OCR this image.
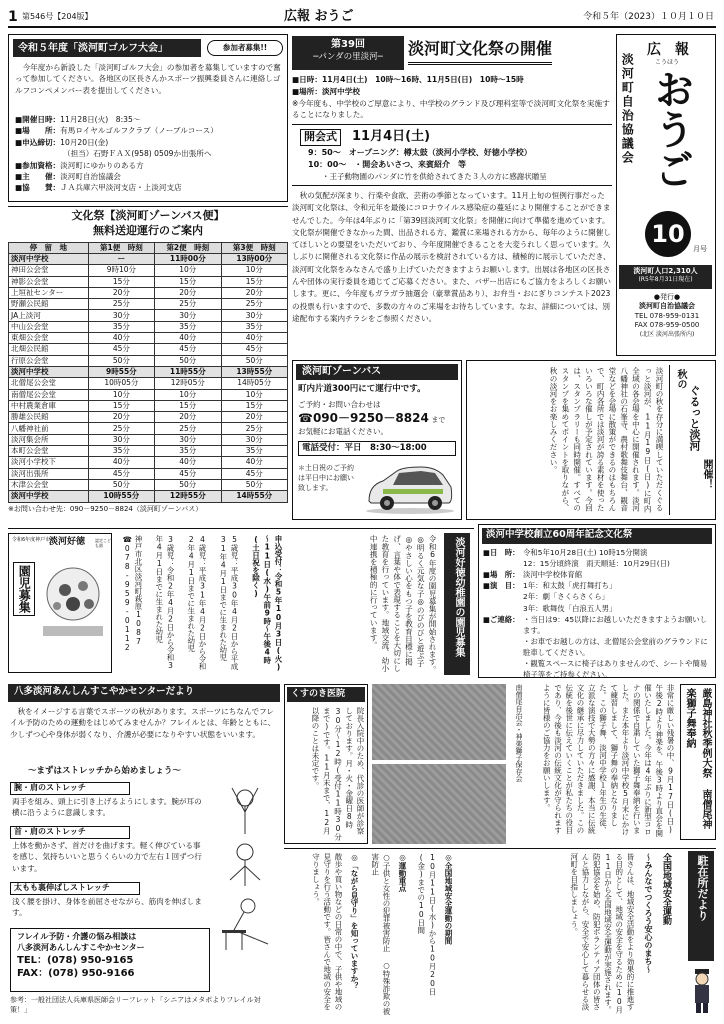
1 第546号【204版】	広報 おうご	令和５年（2023）１０月１０日
令和５年度「淡河町ゴルフ大会」	参加者募集!!
今年度から新設した「淡河町ゴルフ大会」の参加者を募集していますので奮って参加してください。各地区の区長さんかスポーツ振興委員さんに連絡しゴルフコンペメンバー表を提出してください。
■開催日時：11月28日(火)　8:35～
■場　　所：有馬ロイヤルゴルフクラブ（ノーブルコース）
■申込締切：10月20日(金)
（担当）石野ＦＡＸ(958) 0509か出張所へ
■参加資格：淡河町にゆかりのある方
■主　　催：淡河町自治協議会
■協　　賛：ＪＡ兵庫六甲淡河支店・上淡河支店
文化祭【淡河町ゾーンバス便】
無料送迎運行のご案内
停　留　地	第1便　時刻	第2便　時刻	第3便　時刻
淡河中学校	ー	11時00分	13時00分
神田公会堂	9時10分	10分	10分
神影公会堂	15分	15分	15分
上垣祉センター	20分	20分	20分
野瀬公民館	25分	25分	25分
JA上淡河	30分	30分	30分
中山公会堂	35分	35分	35分
東畑公会堂	40分	40分	40分
北畑公民館	45分	45分	45分
行原公会堂	50分	50分	50分
淡河中学校	9時55分	11時55分	13時55分
北僧尾公会堂	10時05分	12時05分	14時05分
南僧尾公会堂	10分	10分	10分
中村農業倉庫	15分	15分	15分
勝雄公民館	20分	20分	20分
八幡神社前	25分	25分	25分
淡河集会所	30分	30分	30分
本町公会堂	35分	35分	35分
淡河小学校下	40分	40分	40分
淡河出張所	45分	45分	45分
木津公会堂	50分	50分	50分
淡河中学校	10時55分	12時55分	14時55分
※お問い合わせ先：090－9250－8824（淡河町ゾーンバス）
第39回
─パンダの里淡河─	淡河町文化祭の開催
■日時：11月4日(土)　10時～16時、11月5日(日)　10時～15時
■場所：淡河中学校
※今年度も、中学校のご厚意により、中学校のグランド及び理科室等で淡河町文化祭を実施することになりました。
開会式	11月4日(土)
9：50～　オープニング：樽太鼓（淡河小学校、好徳小学校）
10：00～　・開会あいさつ、来賓紹介　等
・王子動物園のパンダに竹を供給されてきた３人の方に感謝状贈呈
秋の気配が深まり、行楽や食欲、芸術の季節となっています。11月上旬の恒例行事だった淡河町文化祭は、令和元年を最後にコロナウイルス感染症の蔓延により開催することができませんでした。今年は4年ぶりに「第39回淡河町文化祭」を開催に向けて準備を進めています。文化祭が開催できなかった間、出品される方、鑑賞に来場される方から、毎年のように開催してほしいとの要望をいただいており、今年度開催できることを大変うれしく思っています。久しぶりに開催される文化祭に作品の展示を検討されている方は、積極的に展示していただき、淡河町文化祭をみなさんで盛り上げていただきますようお願いします。出展は各地区の区長さんや団体の実行委員を通じてご応募ください。また、バザー出店にもご協力をよろしくお願いします。更に、今年度もガラガラ抽選会（豪華賞品あり）、お弁当・おにぎりコンテスト2023の投票も行いますので、多数の方々のご来場をお待ちしています。なお、詳細については、別途配布する案内チラシをご参照ください。
淡河町自治協議会
広　報
こうほう
おうご
10
月号
淡河町人口2,310人
(R5年8月31日現在)
●発行●
淡河町自治協議会
TEL 078-959-0131
FAX 078-959-0500
(北区 淡河出張所内)
淡河町ゾーンバス
町内片道300円にて運行中です。
ご予約・お問い合わせは
☎090－9250－8824 まで
お気軽にお電話ください。
電話受付：平日　8:30～18:00
＊土日祝のご予約は平日中にお願い致します。
秋の
ぐるっと淡河
開催！
淡河町の秋を存分に満喫していただくぐるっと淡河が、11月19日(日)に町内全域の各会場を中心に開催されます。淡河八幡神社の石峯寺、農村歌舞伎舞台、観音堂などを会場に散策ができるのはもちろんで、町内各所では淡河が誇る素材を使ったいろいろな催しが予定されています。今回は、スタンプラリーも同時開催。すべてのスタンプを集めてポイントを取りながら、秋の淡河をお楽しみください。
令和6年度神戸市立
淡河好徳 認定こども園
園児募集	神戸市北区淡河町萩原1087 ☎078-959-0112	3歳児：令和2年4月2日から令和3年4月1日までに生まれた幼児	4歳児：平成31年4月2日から令和2年4月1日までに生まれた幼児	5歳児：平成30年4月2日から平成31年4月1日までに生まれた幼児	申込受付：令和5年10月3日(火)～11日(水)午前9時～午後4時(土日祝を除く)	令和6年度の園児募集が開始されます。◎明るく元気な子◎のびのびと遊ぶ子◎やさしい心をもつ子を教育目標に掲げ、言葉や体で表現することを大切にした教育を行っています。地域交流、幼小中連携を積極的に行っています。	淡河好徳幼稚園の園児募集
淡河中学校創立60周年記念文化祭
■日　時： 令和5年10月28日(土) 10時15分開演
12：15分頃終演　雨天順延：10月29日(日)
■場　所： 淡河中学校体育館
■演　目： 1年：和太鼓「虎打舞打ち」
2年：劇「さくらさくら」
3年：歌舞伎「白浪五人男」
■ご連絡： ・当日は9：45以降にお越しいただきますようお願いします。
・お車でお越しの方は、北僧尾公会堂前のグラウンドに駐車してください。
・観覧スペースに椅子はありませんので、シートや簡易椅子等をご持参ください。
八多淡河あんしんすこやかセンターだより
秋をイメージする言葉でスポーツの秋があります。スポーツにちなんでフレイル予防のための運動をはじめてみませんか？フレイルとは、年齢とともに、少しずつ心や身体が弱くなり、介護が必要になりやすい状態をいいます。
～まずはストレッチから始めましょう～
腕・肩のストレッチ
両手を組み、頭上に引き上げるようにします。腕が耳の横に沿うように意識します。
首・肩のストレッチ
上体を動かさず、首だけを曲げます。軽く伸びている事を感じ、気持ちいいと思うくらいの力で左右１回ずつ行います。
太もも裏伸ばしストレッチ
浅く腰を掛け、身体を前屈させながら、筋肉を伸ばします。
フレイル予防・介護の悩み相談は
八多淡河あんしんすこやかセンター
TEL：(078) 950-9165
FAX：(078) 950-9166
参考：一般社団法人兵庫県医師会リーフレット「シニアはメタボよりフレイル対策！」
くすのき医院
院長入院中のため、代診の医師が診察しております。月・火・金曜日8時30分～12時(受付11時30分まで)です。11月末まで、12月以降のことは未定です。	南僧尾自治会・神楽獅子保存会	非常に厳しい残暑の中、9月17日(日)午後2時より神楽を、午後3時より直会を開催いたしました。今年は4年ぶりに新型コロナの関係で自粛していた獅子舞奉納を行いました。また本年より淡河中学校5月末にかけて練習しまして、獅子舞の奉納となりました。この獅子舞、淡河中学校１年生の生徒、立派な演技で大勢の方々に感謝、本当に伝統文化の継承に尽力していただきました。この伝統を後世に伝えていくことが私たちの役目であり、今後も淡河の伝統文化が守られますように皆様のご協力をお願いします。	厳島神社秋季例大祭 南僧尾神楽獅子舞奉納
散歩や買い物などの日常の中で、子供や地域の見守りを行う活動です。皆さんで地域の安全を守りましょう。	◎「ながら見守り」を知っていますか？	○子供と女性の犯罪被害防止 ○特殊詐欺の被害防止	◎運動重点	10月11日(水)から10月20日(金)までの10日間	◎全国地域安全運動の期間	皆さんは、地域安全活動をより効果的に推進する目的として、地域の安全を守るために10月11日から全国地域安全運動が実施されます。防犯協会を始め、防犯ボランティア団体の皆さんと協力しながら、安全で安心して暮らせる淡河町を目指しましょう。	～みんなでつくろう安心のまち～ 全国地域安全運動	駐在所だより
